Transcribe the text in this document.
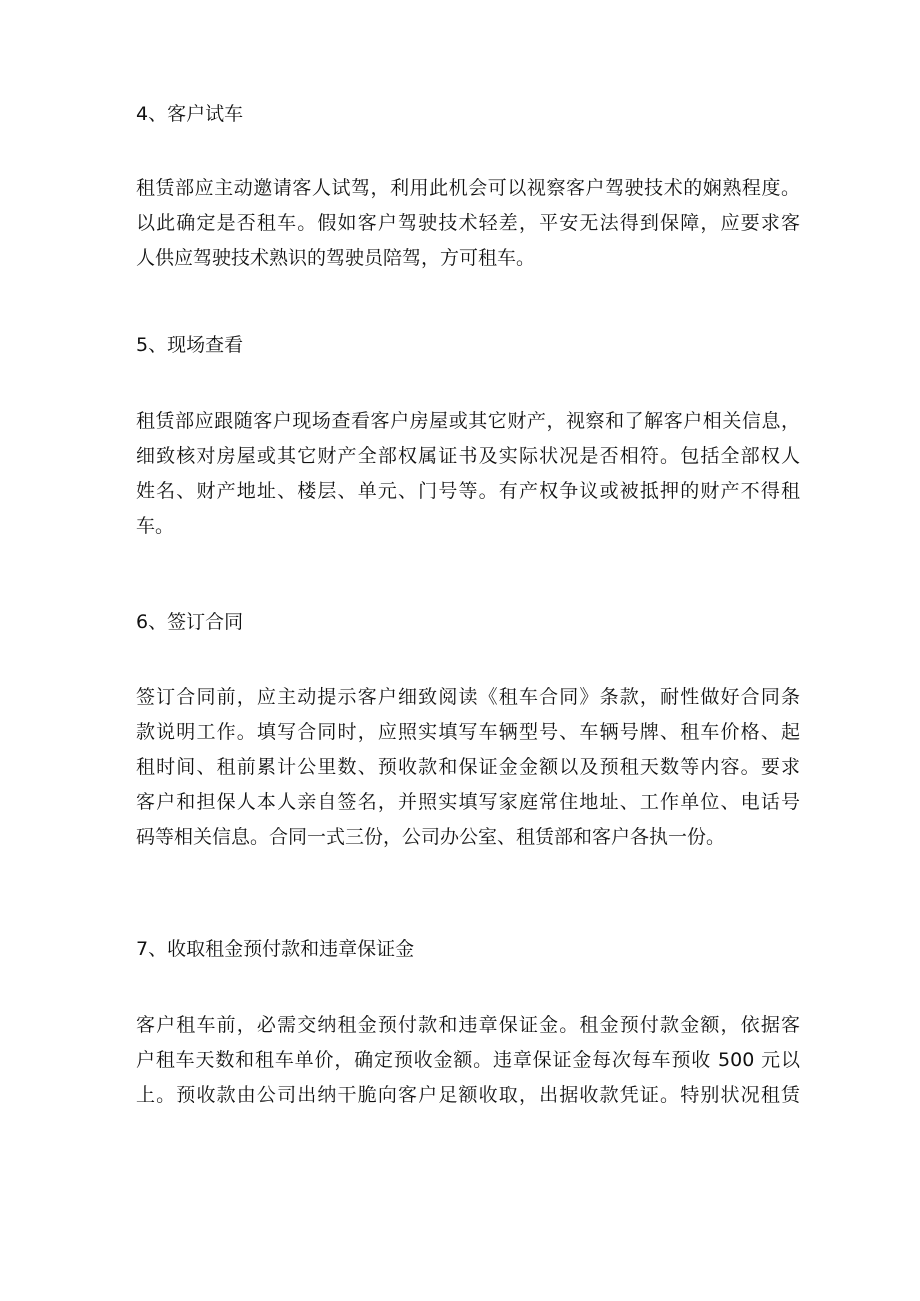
4、客户试车
租赁部应主动邀请客人试驾，利用此机会可以视察客户驾驶技术的娴熟程度。
以此确定是否租车。假如客户驾驶技术轻差，平安无法得到保障，应要求客
人供应驾驶技术熟识的驾驶员陪驾，方可租车。
5、现场查看
租赁部应跟随客户现场查看客户房屋或其它财产，视察和了解客户相关信息，
细致核对房屋或其它财产全部权属证书及实际状况是否相符。包括全部权人
姓名、财产地址、楼层、单元、门号等。有产权争议或被抵押的财产不得租
车。
6、签订合同
签订合同前，应主动提示客户细致阅读《租车合同》条款，耐性做好合同条
款说明工作。填写合同时，应照实填写车辆型号、车辆号牌、租车价格、起
租时间、租前累计公里数、预收款和保证金金额以及预租天数等内容。要求
客户和担保人本人亲自签名，并照实填写家庭常住地址、工作单位、电话号
码等相关信息。合同一式三份，公司办公室、租赁部和客户各执一份。
7、收取租金预付款和违章保证金
客户租车前，必需交纳租金预付款和违章保证金。租金预付款金额，依据客
户租车天数和租车单价，确定预收金额。违章保证金每次每车预收 500 元以
上。预收款由公司出纳干脆向客户足额收取，出据收款凭证。特别状况租赁
